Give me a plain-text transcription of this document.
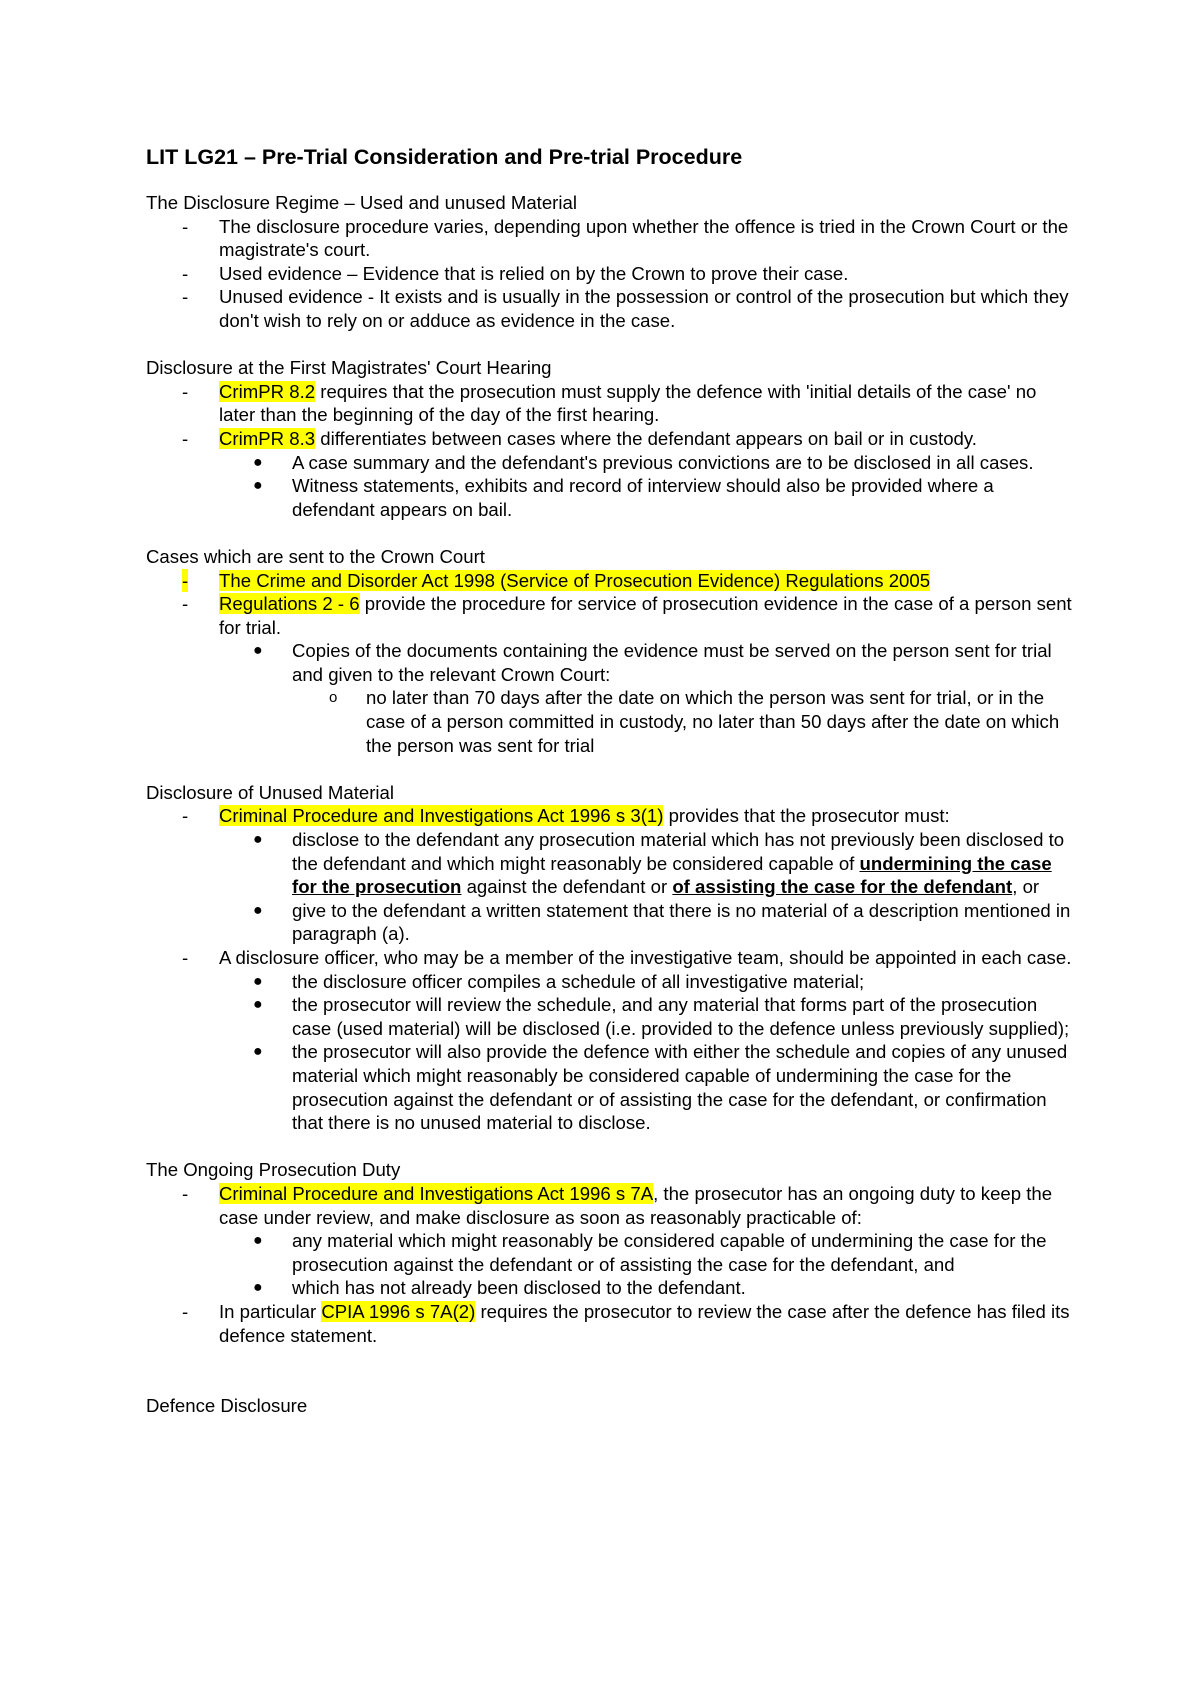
LIT LG21 – Pre-Trial Consideration and Pre-trial Procedure

The Disclosure Regime – Used and unused Material

- The disclosure procedure varies, depending upon whether the offence is tried in the Crown Court or the magistrate's court.
- Used evidence – Evidence that is relied on by the Crown to prove their case.
- Unused evidence - It exists and is usually in the possession or control of the prosecution but which they don't wish to rely on or adduce as evidence in the case.

Disclosure at the First Magistrates' Court Hearing

- CrimPR 8.2 requires that the prosecution must supply the defence with 'initial details of the case' no later than the beginning of the day of the first hearing.
- CrimPR 8.3 differentiates between cases where the defendant appears on bail or in custody.
● A case summary and the defendant's previous convictions are to be disclosed in all cases.
● Witness statements, exhibits and record of interview should also be provided where a defendant appears on bail.

Cases which are sent to the Crown Court

- The Crime and Disorder Act 1998 (Service of Prosecution Evidence) Regulations 2005
- Regulations 2 - 6 provide the procedure for service of prosecution evidence in the case of a person sent for trial.
● Copies of the documents containing the evidence must be served on the person sent for trial and given to the relevant Crown Court:
o no later than 70 days after the date on which the person was sent for trial, or in the case of a person committed in custody, no later than 50 days after the date on which the person was sent for trial

Disclosure of Unused Material

- Criminal Procedure and Investigations Act 1996 s 3(1) provides that the prosecutor must:
● disclose to the defendant any prosecution material which has not previously been disclosed to the defendant and which might reasonably be considered capable of undermining the case for the prosecution against the defendant or of assisting the case for the defendant, or
● give to the defendant a written statement that there is no material of a description mentioned in paragraph (a).
- A disclosure officer, who may be a member of the investigative team, should be appointed in each case.
● the disclosure officer compiles a schedule of all investigative material;
● the prosecutor will review the schedule, and any material that forms part of the prosecution case (used material) will be disclosed (i.e. provided to the defence unless previously supplied);
● the prosecutor will also provide the defence with either the schedule and copies of any unused material which might reasonably be considered capable of undermining the case for the prosecution against the defendant or of assisting the case for the defendant, or confirmation that there is no unused material to disclose.

The Ongoing Prosecution Duty

- Criminal Procedure and Investigations Act 1996 s 7A, the prosecutor has an ongoing duty to keep the case under review, and make disclosure as soon as reasonably practicable of:
● any material which might reasonably be considered capable of undermining the case for the prosecution against the defendant or of assisting the case for the defendant, and
● which has not already been disclosed to the defendant.
- In particular CPIA 1996 s 7A(2) requires the prosecutor to review the case after the defence has filed its defence statement.

Defence Disclosure
